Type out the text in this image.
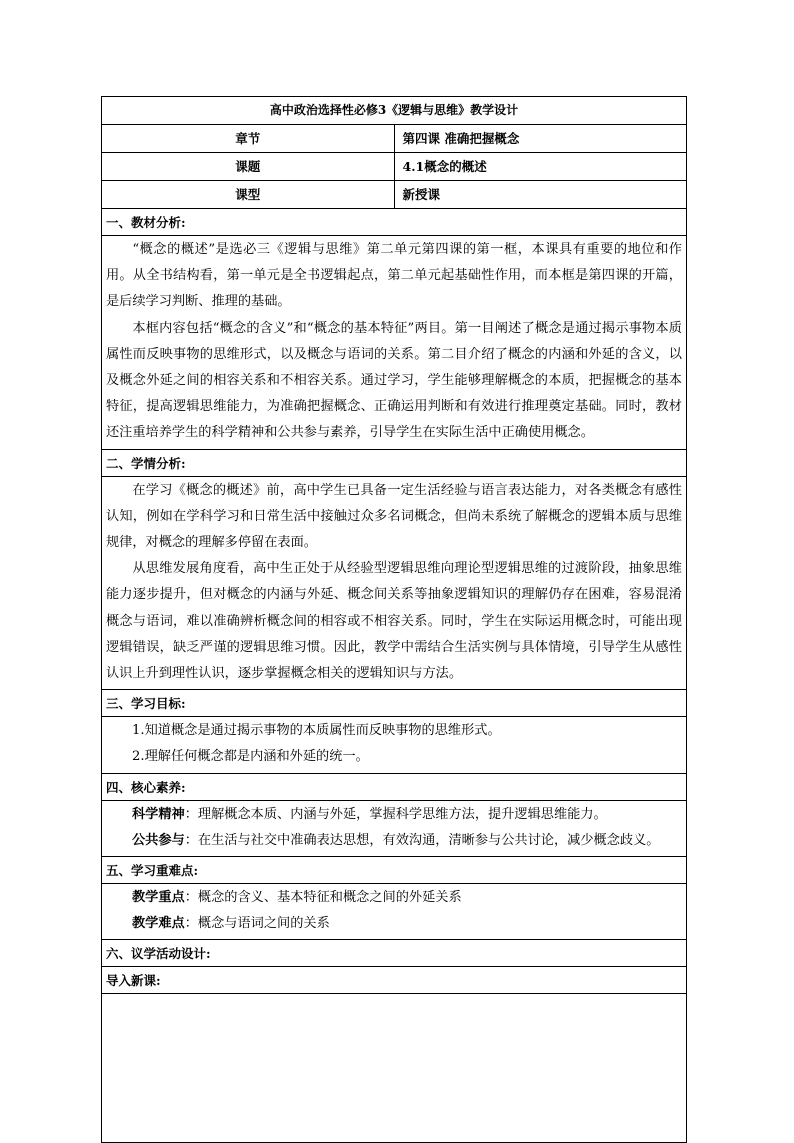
高中政治选择性必修3《逻辑与思维》教学设计	
章节	第四课 准确把握概念
课题	4.1概念的概述
课型	新授课
一、教材分析:	

“概念的概述”是选必三《逻辑与思维》第二单元第四课的第一框，本课具有重要的地位和作用。从全书结构看，第一单元是全书逻辑起点，第二单元起基础性作用，而本框是第四课的开篇，是后续学习判断、推理的基础。

本框内容包括“概念的含义”和“概念的基本特征”两目。第一目阐述了概念是通过揭示事物本质属性而反映事物的思维形式，以及概念与语词的关系。第二目介绍了概念的内涵和外延的含义，以及概念外延之间的相容关系和不相容关系。通过学习，学生能够理解概念的本质，把握概念的基本特征，提高逻辑思维能力，为准确把握概念、正确运用判断和有效进行推理奠定基础。同时，教材还注重培养学生的科学精神和公共参与素养，引导学生在实际生活中正确使用概念。	

二、学情分析:	

在学习《概念的概述》前，高中学生已具备一定生活经验与语言表达能力，对各类概念有感性认知，例如在学科学习和日常生活中接触过众多名词概念，但尚未系统了解概念的逻辑本质与思维规律，对概念的理解多停留在表面。

从思维发展角度看，高中生正处于从经验型逻辑思维向理论型逻辑思维的过渡阶段，抽象思维能力逐步提升，但对概念的内涵与外延、概念间关系等抽象逻辑知识的理解仍存在困难，容易混淆概念与语词，难以准确辨析概念间的相容或不相容关系。同时，学生在实际运用概念时，可能出现逻辑错误，缺乏严谨的逻辑思维习惯。因此，教学中需结合生活实例与具体情境，引导学生从感性认识上升到理性认识，逐步掌握概念相关的逻辑知识与方法。	

三、学习目标:	

1.知道概念是通过揭示事物的本质属性而反映事物的思维形式。

2.理解任何概念都是内涵和外延的统一。	

四、核心素养:	

科学精神：理解概念本质、内涵与外延，掌握科学思维方法，提升逻辑思维能力。

公共参与：在生活与社交中准确表达思想，有效沟通，清晰参与公共讨论，减少概念歧义。	

五、学习重难点:	

教学重点：概念的含义、基本特征和概念之间的外延关系

教学难点：概念与语词之间的关系	

六、议学活动设计:	
导入新课:	
